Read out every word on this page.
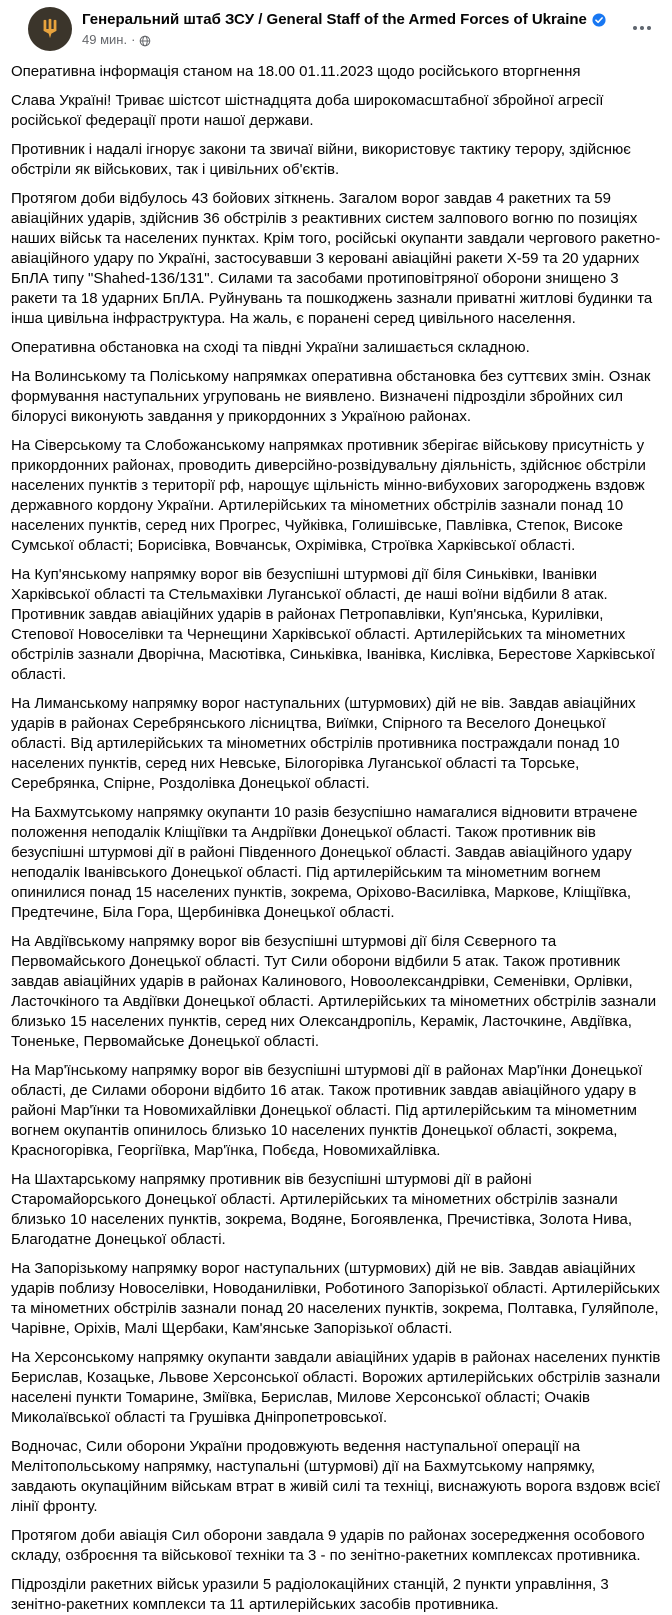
Генеральний штаб ЗСУ / General Staff of the Armed Forces of Ukraine
49 мин. ·
Оперативна інформація станом на 18.00 01.11.2023 щодо російського вторгнення
Слава Україні! Триває шістсот шістнадцята доба широкомасштабної збройної агресії російської федерації проти нашої держави.
Противник і надалі ігнорує закони та звичаї війни, використовує тактику терору, здійснює обстріли як військових, так і цивільних об'єктів.
Протягом доби відбулось 43 бойових зіткнень. Загалом ворог завдав 4 ракетних та 59 авіаційних ударів, здійснив 36 обстрілів з реактивних систем залпового вогню по позиціях наших військ та населених пунктах. Крім того, російські окупанти завдали чергового ракетно-авіаційного удару по Україні, застосувавши 3 керовані авіаційні ракети Х-59 та 20 ударних БпЛА типу "Shahed-136/131". Силами та засобами протиповітряної оборони знищено 3 ракети та 18 ударних БпЛА. Руйнувань та пошкоджень зазнали приватні житлові будинки та інша цивільна інфраструктура. На жаль, є поранені серед цивільного населення.
Оперативна обстановка на сході та півдні України залишається складною.
На Волинському та Поліському напрямках оперативна обстановка без суттєвих змін. Ознак формування наступальних угруповань не виявлено. Визначені підрозділи збройних сил білорусі виконують завдання у прикордонних з Україною районах.
На Сіверському та Слобожанському напрямках противник зберігає військову присутність у прикордонних районах, проводить диверсійно-розвідувальну діяльність, здійснює обстріли населених пунктів з території рф, нарощує щільність мінно-вибухових загороджень вздовж державного кордону України. Артилерійських та мінометних обстрілів зазнали понад 10 населених пунктів, серед них Прогрес, Чуйківка, Голишівське, Павлівка, Степок, Високе Сумської області; Борисівка, Вовчанськ, Охрімівка, Строївка Харківської області.
На Куп'янському напрямку ворог вів безуспішні штурмові дії біля Синьківки, Іванівки Харківської області та Стельмахівки Луганської області, де наші воїни відбили 8 атак. Противник завдав авіаційних ударів в районах Петропавлівки, Куп'янська, Курилівки, Степової Новоселівки та Чернещини Харківської області. Артилерійських та мінометних обстрілів зазнали Дворічна, Масютівка, Синьківка, Іванівка, Кислівка, Берестове Харківської області.
На Лиманському напрямку ворог наступальних (штурмових) дій не вів. Завдав авіаційних ударів в районах Серебрянського лісництва, Виїмки, Спірного та Веселого Донецької області. Від артилерійських та мінометних обстрілів противника постраждали понад 10 населених пунктів, серед них Невське, Білогорівка Луганської області та Торське, Серебрянка, Спірне, Роздолівка Донецької області.
На Бахмутському напрямку окупанти 10 разів безуспішно намагалися відновити втрачене положення неподалік Кліщіївки та Андріївки Донецької області. Також противник вів безуспішні штурмові дії в районі Південного Донецької області. Завдав авіаційного удару неподалік Іванівського Донецької області. Під артилерійським та мінометним вогнем опинилися понад 15 населених пунктів, зокрема, Оріхово-Василівка, Маркове, Кліщіївка, Предтечине, Біла Гора, Щербинівка Донецької області.
На Авдіївському напрямку ворог вів безуспішні штурмові дії біля Сєверного та Первомайського Донецької області. Тут Сили оборони відбили 5 атак. Також противник завдав авіаційних ударів в районах Калинового, Новоолександрівки, Семенівки, Орлівки, Ласточкіного та Авдіївки Донецької області. Артилерійських та мінометних обстрілів зазнали близько 15 населених пунктів, серед них Олександропіль, Керамік, Ласточкине, Авдіївка, Тоненьке, Первомайське Донецької області.
На Мар'їнському напрямку ворог вів безуспішні штурмові дії в районах Мар'їнки Донецької області, де Силами оборони відбито 16 атак. Також противник завдав авіаційного удару в районі Мар'їнки та Новомихайлівки Донецької області. Під артилерійським та мінометним вогнем окупантів опинилось близько 10 населених пунктів Донецької області, зокрема, Красногорівка, Георгіївка, Мар'їнка, Побєда, Новомихайлівка.
На Шахтарському напрямку противник вів безуспішні штурмові дії в районі Старомайорського Донецької області. Артилерійських та мінометних обстрілів зазнали близько 10 населених пунктів, зокрема, Водяне, Богоявленка, Пречистівка, Золота Нива, Благодатне Донецької області.
На Запорізькому напрямку ворог наступальних (штурмових) дій не вів. Завдав авіаційних ударів поблизу Новоселівки, Новоданилівки, Роботиного Запорізької області. Артилерійських та мінометних обстрілів зазнали понад 20 населених пунктів, зокрема, Полтавка, Гуляйполе, Чарівне, Оріхів, Малі Щербаки, Кам'янське Запорізької області.
На Херсонському напрямку окупанти завдали авіаційних ударів в районах населених пунктів Берислав, Козацьке, Львове Херсонської області. Ворожих артилерійських обстрілів зазнали населені пункти Томарине, Зміївка, Берислав, Милове Херсонської області; Очаків Миколаївської області та Грушівка Дніпропетровської.
Водночас, Сили оборони України продовжують ведення наступальної операції на Мелітопольському напрямку, наступальні (штурмові) дії на Бахмутському напрямку, завдають окупаційним військам втрат в живій силі та техніці, виснажують ворога вздовж всієї лінії фронту.
Протягом доби авіація Сил оборони завдала 9 ударів по районах зосередження особового складу, озброєння та військової техніки та 3 - по зенітно-ракетних комплексах противника.
Підрозділи ракетних військ уразили 5 радіолокаційних станцій, 2 пункти управління, 3 зенітно-ракетних комплекси та 11 артилерійських засобів противника.
